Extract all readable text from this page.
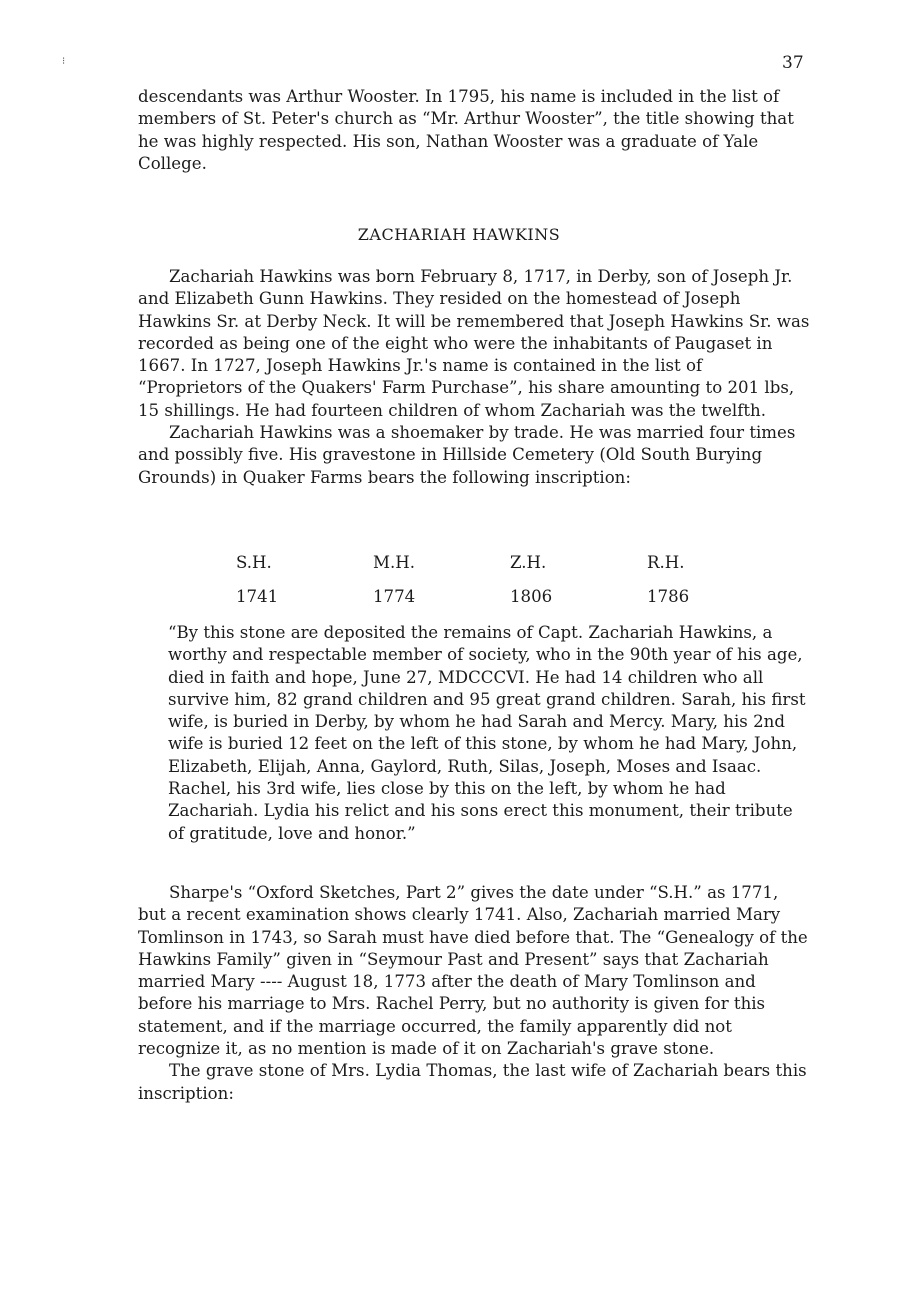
⁝	37

descendants was Arthur Wooster. In 1795, his name is included in the list of members of St. Peter's church as “Mr. Arthur Wooster”, the title showing that he was highly respected. His son, Nathan Wooster was a graduate of Yale College.

ZACHARIAH HAWKINS

Zachariah Hawkins was born February 8, 1717, in Derby, son of Joseph Jr. and Elizabeth Gunn Hawkins. They resided on the homestead of Joseph Hawkins Sr. at Derby Neck. It will be remembered that Joseph Hawkins Sr. was recorded as being one of the eight who were the inhabitants of Paugaset in 1667. In 1727, Joseph Hawkins Jr.'s name is contained in the list of “Proprietors of the Quakers' Farm Purchase”, his share amounting to 201 lbs, 15 shillings. He had fourteen children of whom Zachariah was the twelfth.

Zachariah Hawkins was a shoemaker by trade. He was married four times and possibly five. His gravestone in Hillside Cemetery (Old South Burying Grounds) in Quaker Farms bears the following inscription:

S.H.	M.H.	Z.H.	R.H.
1741	1774	1806	1786

“By this stone are deposited the remains of Capt. Zachariah Hawkins, a worthy and respectable member of society, who in the 90th year of his age, died in faith and hope, June 27, MDCCCVI. He had 14 children who all survive him, 82 grand children and 95 great grand children. Sarah, his first wife, is buried in Derby, by whom he had Sarah and Mercy. Mary, his 2nd wife is buried 12 feet on the left of this stone, by whom he had Mary, John, Elizabeth, Elijah, Anna, Gaylord, Ruth, Silas, Joseph, Moses and Isaac. Rachel, his 3rd wife, lies close by this on the left, by whom he had Zachariah. Lydia his relict and his sons erect this monument, their tribute of gratitude, love and honor.”

Sharpe's “Oxford Sketches, Part 2” gives the date under “S.H.” as 1771, but a recent examination shows clearly 1741. Also, Zachariah married Mary Tomlinson in 1743, so Sarah must have died before that. The “Genealogy of the Hawkins Family” given in “Seymour Past and Present” says that Zachariah married Mary ---- August 18, 1773 after the death of Mary Tomlinson and before his marriage to Mrs. Rachel Perry, but no authority is given for this statement, and if the marriage occurred, the family apparently did not recognize it, as no mention is made of it on Zachariah's grave stone.

The grave stone of Mrs. Lydia Thomas, the last wife of Zachariah bears this inscription:
